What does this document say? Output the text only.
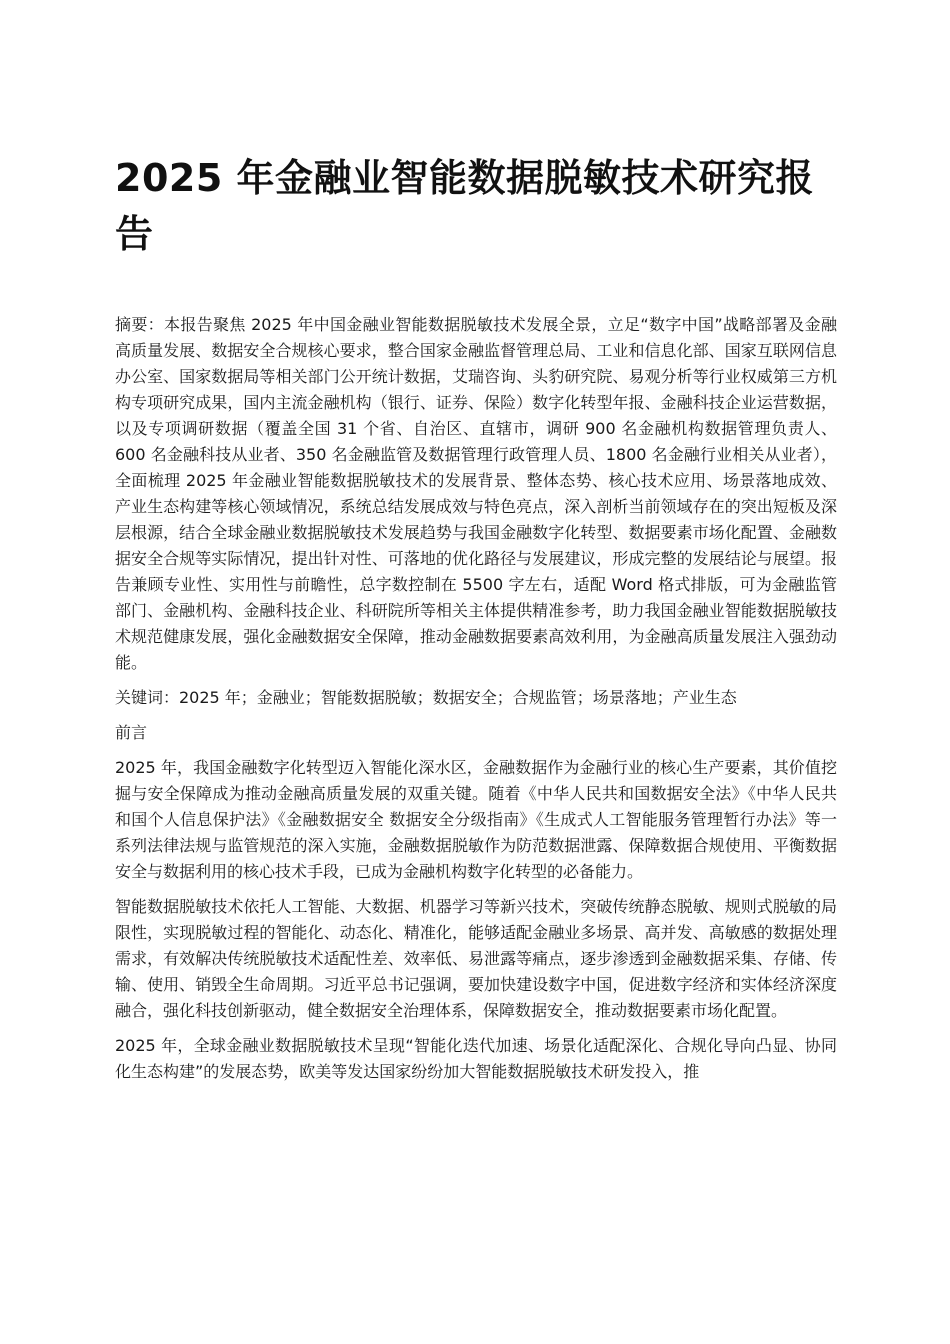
2025 年金融业智能数据脱敏技术研究报告

摘要：本报告聚焦 2025 年中国金融业智能数据脱敏技术发展全景，立足“数字中国”战略部署及金融高质量发展、数据安全合规核心要求，整合国家金融监督管理总局、工业和信息化部、国家互联网信息办公室、国家数据局等相关部门公开统计数据，艾瑞咨询、头豹研究院、易观分析等行业权威第三方机构专项研究成果，国内主流金融机构（银行、证券、保险）数字化转型年报、金融科技企业运营数据，以及专项调研数据（覆盖全国 31 个省、自治区、直辖市，调研 900 名金融机构数据管理负责人、600 名金融科技从业者、350 名金融监管及数据管理行政管理人员、1800 名金融行业相关从业者），全面梳理 2025 年金融业智能数据脱敏技术的发展背景、整体态势、核心技术应用、场景落地成效、产业生态构建等核心领域情况，系统总结发展成效与特色亮点，深入剖析当前领域存在的突出短板及深层根源，结合全球金融业数据脱敏技术发展趋势与我国金融数字化转型、数据要素市场化配置、金融数据安全合规等实际情况，提出针对性、可落地的优化路径与发展建议，形成完整的发展结论与展望。报告兼顾专业性、实用性与前瞻性，总字数控制在 5500 字左右，适配 Word 格式排版，可为金融监管部门、金融机构、金融科技企业、科研院所等相关主体提供精准参考，助力我国金融业智能数据脱敏技术规范健康发展，强化金融数据安全保障，推动金融数据要素高效利用，为金融高质量发展注入强劲动能。

关键词：2025 年；金融业；智能数据脱敏；数据安全；合规监管；场景落地；产业生态

前言

2025 年，我国金融数字化转型迈入智能化深水区，金融数据作为金融行业的核心生产要素，其价值挖掘与安全保障成为推动金融高质量发展的双重关键。随着《中华人民共和国数据安全法》《中华人民共和国个人信息保护法》《金融数据安全 数据安全分级指南》《生成式人工智能服务管理暂行办法》等一系列法律法规与监管规范的深入实施，金融数据脱敏作为防范数据泄露、保障数据合规使用、平衡数据安全与数据利用的核心技术手段，已成为金融机构数字化转型的必备能力。

智能数据脱敏技术依托人工智能、大数据、机器学习等新兴技术，突破传统静态脱敏、规则式脱敏的局限性，实现脱敏过程的智能化、动态化、精准化，能够适配金融业多场景、高并发、高敏感的数据处理需求，有效解决传统脱敏技术适配性差、效率低、易泄露等痛点，逐步渗透到金融数据采集、存储、传输、使用、销毁全生命周期。习近平总书记强调，要加快建设数字中国，促进数字经济和实体经济深度融合，强化科技创新驱动，健全数据安全治理体系，保障数据安全，推动数据要素市场化配置。

2025 年，全球金融业数据脱敏技术呈现“智能化迭代加速、场景化适配深化、合规化导向凸显、协同化生态构建”的发展态势，欧美等发达国家纷纷加大智能数据脱敏技术研发投入，推
